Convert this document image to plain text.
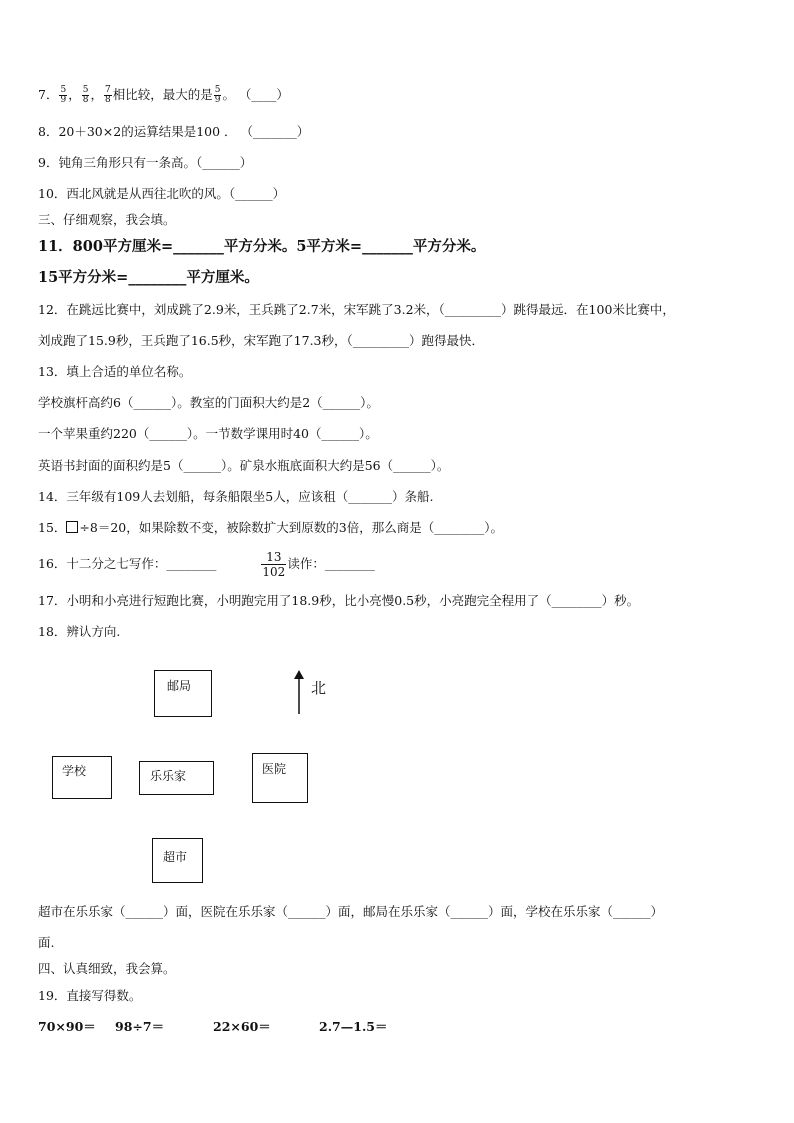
7． $\frac{5}{9}$ ， $\frac{5}{8}$ ， $\frac{7}{8}$ 相比较，最大的是 $\frac{5}{9}$ 。 （____）
8．20＋30×2的运算结果是100 ． （_______）
9．钝角三角形只有一条高。（______）
10．西北风就是从西往北吹的风。（______）
三、仔细观察，我会填。
11．800平方厘米=_______平方分米。5平方米=_______平方分米。
15平方分米=________平方厘米。
12．在跳远比赛中，刘成跳了2.9米，王兵跳了2.7米，宋军跳了3.2米，（_________）跳得最远．在100米比赛中，
刘成跑了15.9秒，王兵跑了16.5秒，宋军跑了17.3秒，（_________）跑得最快．
13．填上合适的单位名称。
学校旗杆高约6（______）。教室的门面积大约是2（______）。
一个苹果重约220（______）。一节数学课用时40（______）。
英语书封面的面积约是5（______）。矿泉水瓶底面积大约是56（______）。
14．三年级有109人去划船，每条船限坐5人，应该租（_______）条船.
15． ÷8＝20，如果除数不变，被除数扩大到原数的3倍，那么商是（________）。
16．十二分之七写作：________	$\frac{13}{102}$ 读作：________
17．小明和小亮进行短跑比赛，小明跑完用了18.9秒，比小亮慢0.5秒，小亮跑完全程用了（________）秒。
18．辨认方向.
邮局	北
学校	乐乐家	医院
超市
超市在乐乐家（______）面，医院在乐乐家（______）面，邮局在乐乐家（______）面，学校在乐乐家（______）
面.
四、认真细致，我会算。
19．直接写得数。
70×90＝ 98÷7＝	22×60＝	2.7—1.5＝
